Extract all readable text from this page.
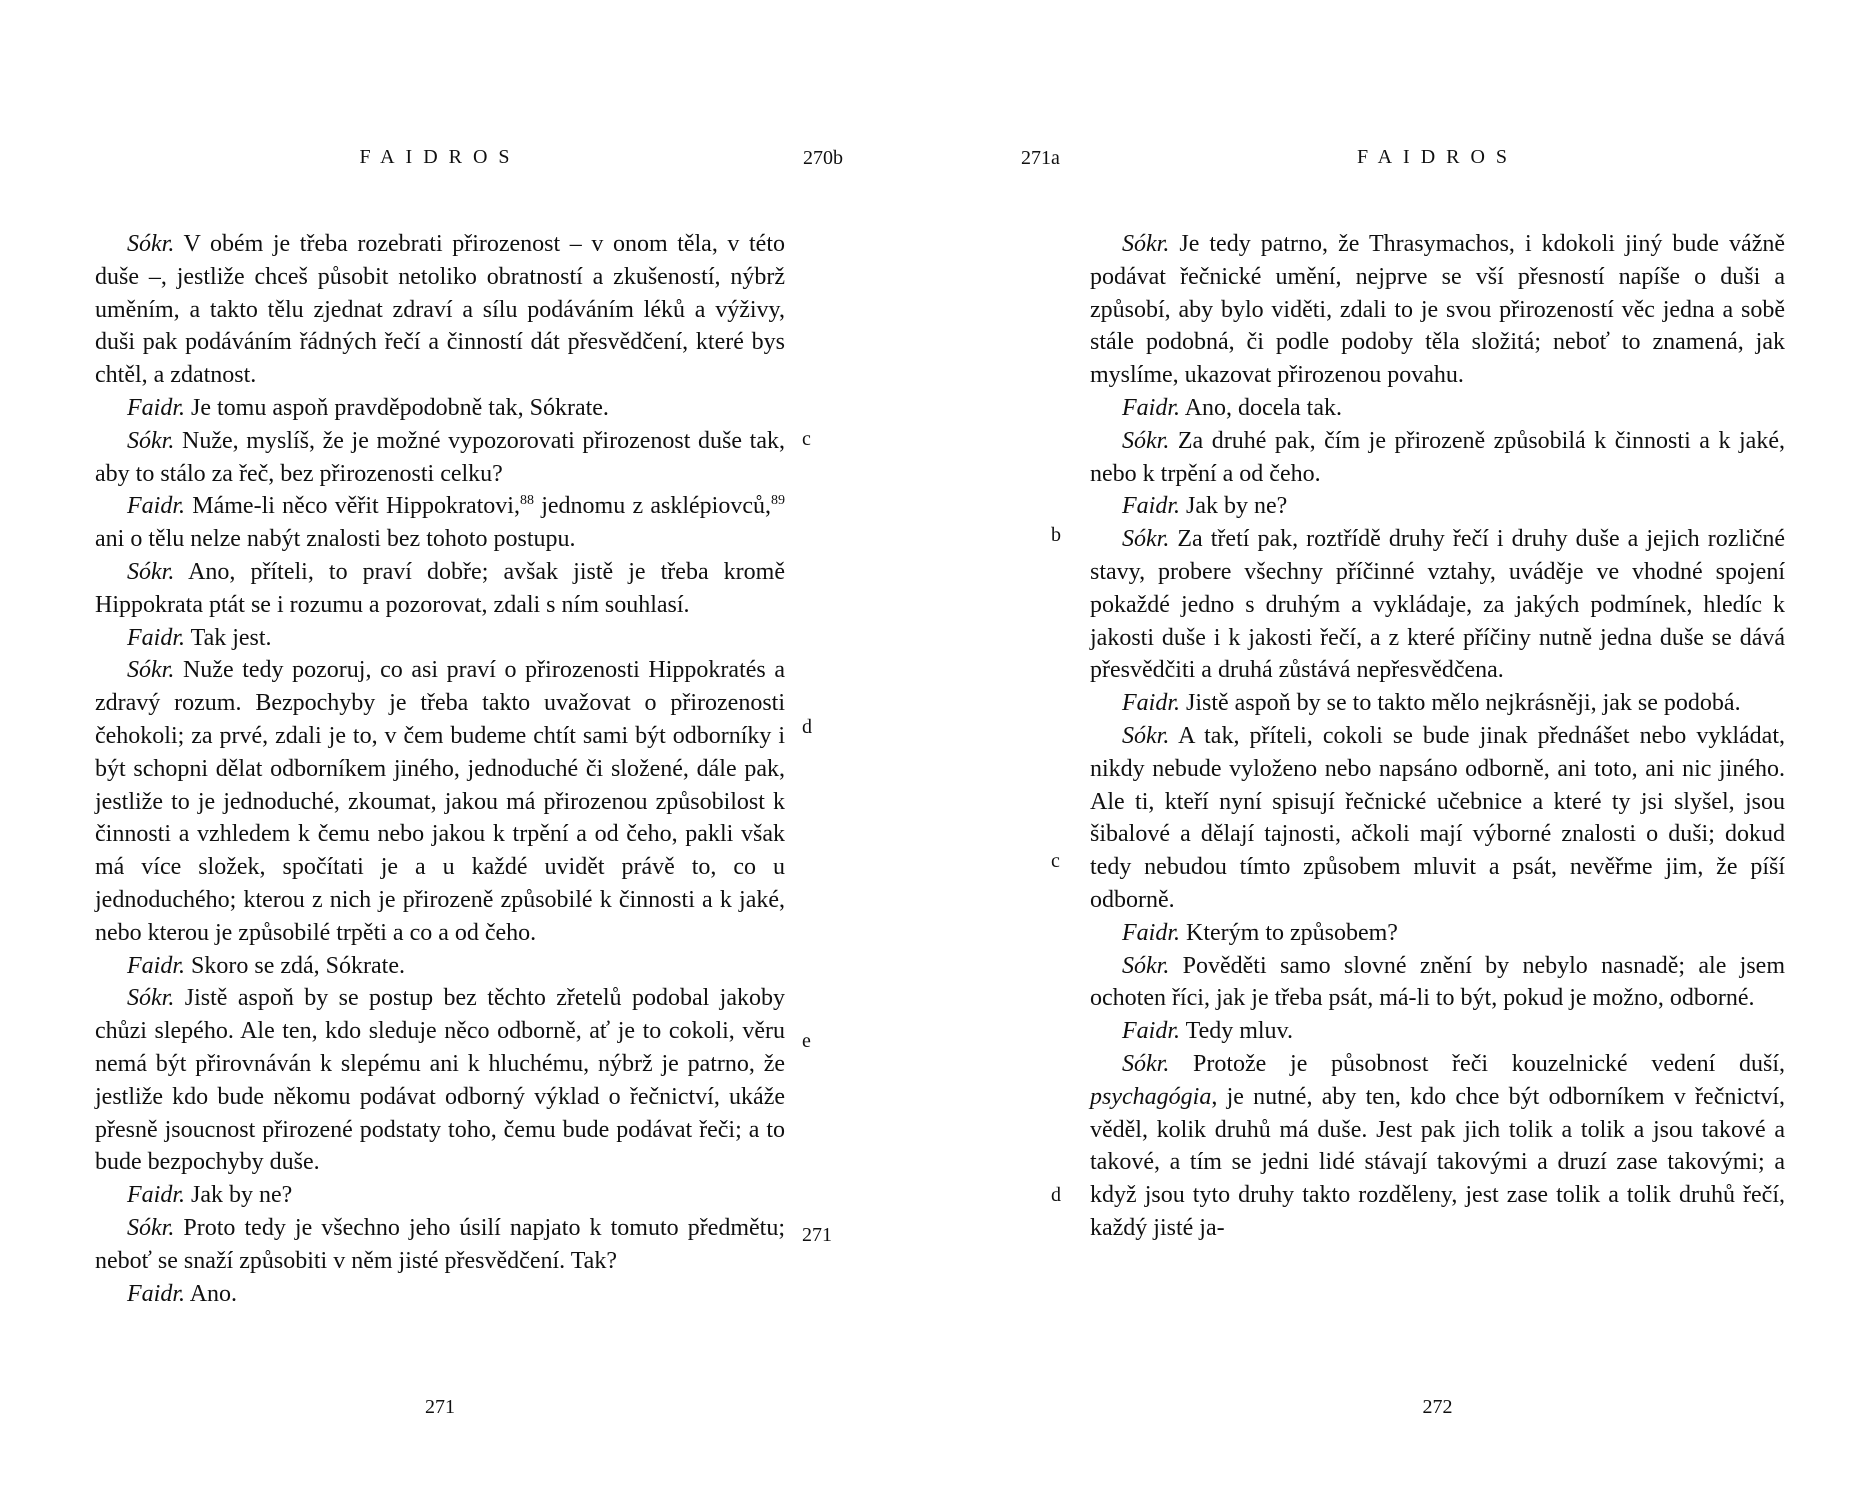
FAIDROS	270b

Sókr. V obém je třeba rozebrati přirozenost – v onom těla, v této duše –, jestliže chceš působit netoliko obratností a zkušeností, nýbrž uměním, a takto tělu zjednat zdraví a sílu podáváním léků a výživy, duši pak podáváním řádných řečí a činností dát přesvědčení, které bys chtěl, a zdatnost.

Faidr. Je tomu aspoň pravděpodobně tak, Sókrate.

Sókr. Nuže, myslíš, že je možné vypozorovati přirozenost duše tak, aby to stálo za řeč, bez přirozenosti celku?

Faidr. Máme-li něco věřit Hippokratovi,$^{88}$ jednomu z asklépiovců,$^{89}$ ani o tělu nelze nabýt znalosti bez tohoto postupu.

Sókr. Ano, příteli, to praví dobře; avšak jistě je třeba kromě Hippokrata ptát se i rozumu a pozorovat, zdali s ním souhlasí.

Faidr. Tak jest.

Sókr. Nuže tedy pozoruj, co asi praví o přirozenosti Hippokratés a zdravý rozum. Bezpochyby je třeba takto uvažovat o přirozenosti čehokoli; za prvé, zdali je to, v čem budeme chtít sami být odborníky i být schopni dělat odborníkem jiného, jednoduché či složené, dále pak, jestliže to je jednoduché, zkoumat, jakou má přirozenou způsobilost k činnosti a vzhledem k čemu nebo jakou k trpění a od čeho, pakli však má více složek, spočítati je a u každé uvidět právě to, co u jednoduchého; kterou z nich je přirozeně způsobilé k činnosti a k jaké, nebo kterou je způsobilé trpěti a co a od čeho.

Faidr. Skoro se zdá, Sókrate.

Sókr. Jistě aspoň by se postup bez těchto zřetelů podobal jakoby chůzi slepého. Ale ten, kdo sleduje něco odborně, ať je to cokoli, věru nemá být přirovnáván k slepému ani k hluchému, nýbrž je patrno, že jestliže kdo bude někomu podávat odborný výklad o řečnictví, ukáže přesně jsoucnost přirozené podstaty toho, čemu bude podávat řeči; a to bude bezpochyby duše.

Faidr. Jak by ne?

Sókr. Proto tedy je všechno jeho úsilí napjato k tomuto předmětu; neboť se snaží způsobiti v něm jisté přesvědčení. Tak?

Faidr. Ano.

c
d
e
271
271
271a	FAIDROS

Sókr. Je tedy patrno, že Thrasymachos, i kdokoli jiný bude vážně podávat řečnické umění, nejprve se vší přesností napíše o duši a způsobí, aby bylo viděti, zdali to je svou přirozeností věc jedna a sobě stále podobná, či podle podoby těla složitá; neboť to znamená, jak myslíme, ukazovat přirozenou povahu.

Faidr. Ano, docela tak.

Sókr. Za druhé pak, čím je přirozeně způsobilá k činnosti a k jaké, nebo k trpění a od čeho.

Faidr. Jak by ne?

Sókr. Za třetí pak, roztřídě druhy řečí i druhy duše a jejich rozličné stavy, probere všechny příčinné vztahy, uváděje ve vhodné spojení pokaždé jedno s druhým a vykládaje, za jakých podmínek, hledíc k jakosti duše i k jakosti řečí, a z které příčiny nutně jedna duše se dává přesvědčiti a druhá zůstává nepřesvědčena.

Faidr. Jistě aspoň by se to takto mělo nejkrásněji, jak se podobá.

Sókr. A tak, příteli, cokoli se bude jinak přednášet nebo vykládat, nikdy nebude vyloženo nebo napsáno odborně, ani toto, ani nic jiného. Ale ti, kteří nyní spisují řečnické učebnice a které ty jsi slyšel, jsou šibalové a dělají tajnosti, ačkoli mají výborné znalosti o duši; dokud tedy nebudou tímto způsobem mluvit a psát, nevěřme jim, že píší odborně.

Faidr. Kterým to způsobem?

Sókr. Pověděti samo slovné znění by nebylo nasnadě; ale jsem ochoten říci, jak je třeba psát, má-li to být, pokud je možno, odborné.

Faidr. Tedy mluv.

Sókr. Protože je působnost řeči kouzelnické vedení duší, psychagógia, je nutné, aby ten, kdo chce být odborníkem v řečnictví, věděl, kolik druhů má duše. Jest pak jich tolik a tolik a jsou takové a takové, a tím se jedni lidé stávají takovými a druzí zase takovými; a když jsou tyto druhy takto rozděleny, jest zase tolik a tolik druhů řečí, každý jisté ja-

b
c
d
272
